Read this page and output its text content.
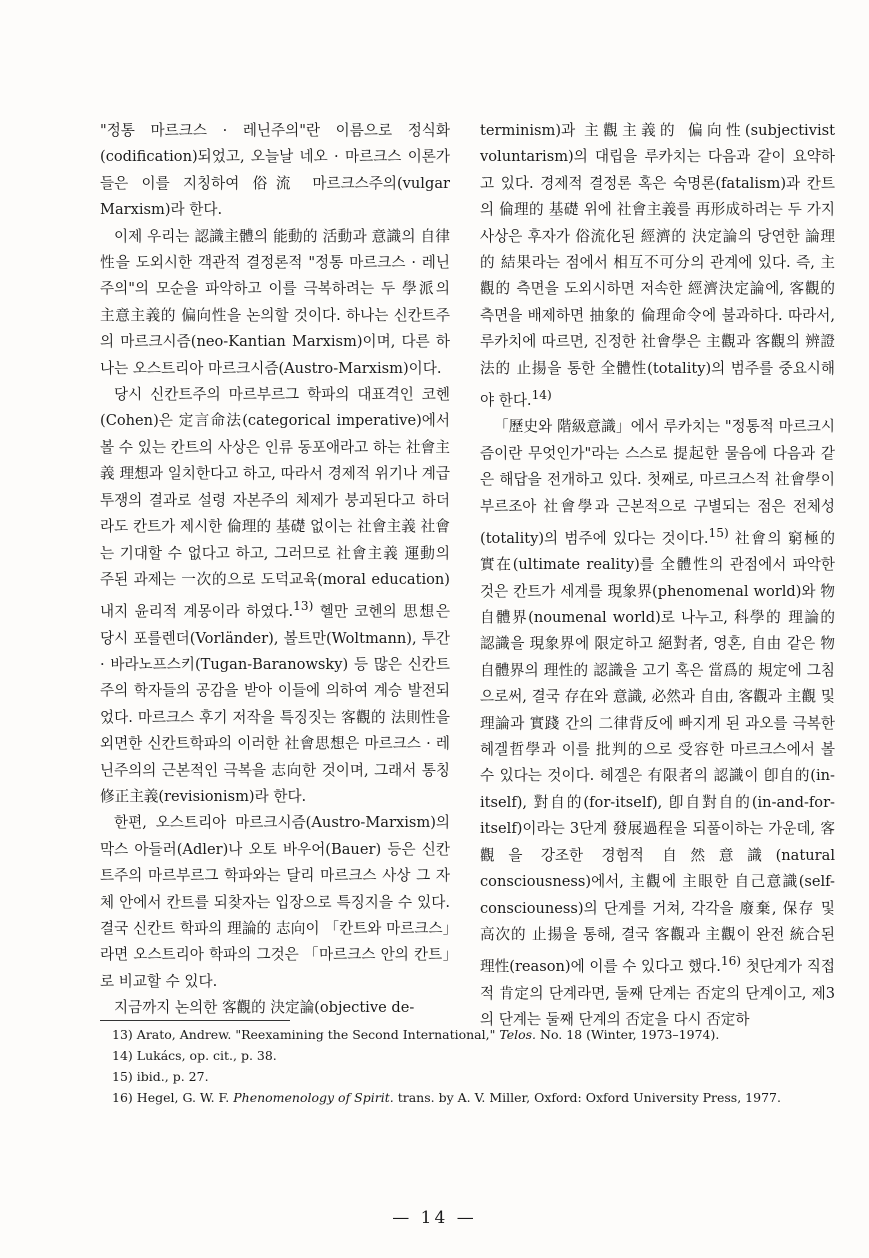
"정통 마르크스 · 레닌주의"란 이름으로 정식화(codification)되었고, 오늘날 네오 · 마르크스 이론가들은 이를 지칭하여 俗流 마르크스주의(vulgar Marxism)라 한다.

이제 우리는 認識主體의 能動的 活動과 意識의 自律性을 도외시한 객관적 결정론적 "정통 마르크스 · 레닌주의"의 모순을 파악하고 이를 극복하려는 두 學派의 主意主義的 偏向性을 논의할 것이다. 하나는 신칸트주의 마르크시즘(neo-Kantian Marxism)이며, 다른 하나는 오스트리아 마르크시즘(Austro-Marxism)이다.

당시 신칸트주의 마르부르그 학파의 대표격인 코헨(Cohen)은 定言命法(categorical imperative)에서 볼 수 있는 칸트의 사상은 인류 동포애라고 하는 社會主義 理想과 일치한다고 하고, 따라서 경제적 위기나 계급 투쟁의 결과로 설령 자본주의 체제가 붕괴된다고 하더라도 칸트가 제시한 倫理的 基礎 없이는 社會主義 社會는 기대할 수 없다고 하고, 그러므로 社會主義 運動의 주된 과제는 一次的으로 도덕교육(moral education) 내지 윤리적 계몽이라 하였다.$^{13)}$ 헬만 코헨의 思想은 당시 포를렌더(Vorländer), 볼트만(Woltmann), 투간 · 바라노프스키(Tugan-Baranowsky) 등 많은 신칸트주의 학자들의 공감을 받아 이들에 의하여 계승 발전되었다. 마르크스 후기 저작을 특징짓는 客觀的 法則性을 외면한 신칸트학파의 이러한 社會思想은 마르크스 · 레닌주의의 근본적인 극복을 志向한 것이며, 그래서 통칭 修正主義(revisionism)라 한다.

한편, 오스트리아 마르크시즘(Austro-Marxism)의 막스 아들러(Adler)나 오토 바우어(Bauer) 등은 신칸트주의 마르부르그 학파와는 달리 마르크스 사상 그 자체 안에서 칸트를 되찾자는 입장으로 특징지을 수 있다. 결국 신칸트 학파의 理論的 志向이 「칸트와 마르크스」라면 오스트리아 학파의 그것은 「마르크스 안의 칸트」로 비교할 수 있다.

지금까지 논의한 客觀的 決定論(objective de-

terminism)과 主觀主義的 偏向性(subjectivist voluntarism)의 대립을 루카치는 다음과 같이 요약하고 있다. 경제적 결정론 혹은 숙명론(fatalism)과 칸트의 倫理的 基礎 위에 社會主義를 再形成하려는 두 가지 사상은 후자가 俗流化된 經濟的 決定論의 당연한 論理的 結果라는 점에서 相互不可分의 관계에 있다. 즉, 主觀的 측면을 도외시하면 저속한 經濟決定論에, 客觀的 측면을 배제하면 抽象的 倫理命令에 불과하다. 따라서, 루카치에 따르면, 진정한 社會學은 主觀과 客觀의 辨證法的 止揚을 통한 全體性(totality)의 범주를 중요시해야 한다.$^{14)}$

「歷史와 階級意識」에서 루카치는 "정통적 마르크시즘이란 무엇인가"라는 스스로 提起한 물음에 다음과 같은 해답을 전개하고 있다. 첫째로, 마르크스적 社會學이 부르조아 社會學과 근본적으로 구별되는 점은 전체성(totality)의 범주에 있다는 것이다.$^{15)}$ 社會의 窮極的 實在(ultimate reality)를 全體性의 관점에서 파악한 것은 칸트가 세계를 現象界(phenomenal world)와 物自體界(noumenal world)로 나누고, 科學的 理論的 認識을 現象界에 限定하고 絕對者, 영혼, 自由 같은 物自體界의 理性的 認識을 고기 혹은 當爲的 規定에 그침으로써, 결국 存在와 意識, 必然과 自由, 客觀과 主觀 및 理論과 實踐 간의 二律背反에 빠지게 된 과오를 극복한 헤겔哲學과 이를 批判的으로 受容한 마르크스에서 볼 수 있다는 것이다. 헤겔은 有限者의 認識이 卽自的(in-itself), 對自的(for-itself), 卽自對自的(in-and-for-itself)이라는 3단계 發展過程을 되풀이하는 가운데, 客觀을 강조한 경험적 自然意識(natural consciousness)에서, 主觀에 主眼한 自己意識(self-consciouness)의 단계를 거쳐, 각각을 廢棄, 保存 및 高次的 止揚을 통해, 결국 客觀과 主觀이 완전 統合된 理性(reason)에 이를 수 있다고 했다.$^{16)}$ 첫단계가 직접적 肯定의 단계라면, 둘째 단계는 否定의 단계이고, 제3의 단계는 둘째 단계의 否定을 다시 否定하

13) Arato, Andrew. "Reexamining the Second International," Telos. No. 18 (Winter, 1973–1974).

14) Lukács, op. cit., p. 38.

15) ibid., p. 27.

16) Hegel, G. W. F. Phenomenology of Spirit. trans. by A. V. Miller, Oxford: Oxford University Press, 1977.

— 14 —
